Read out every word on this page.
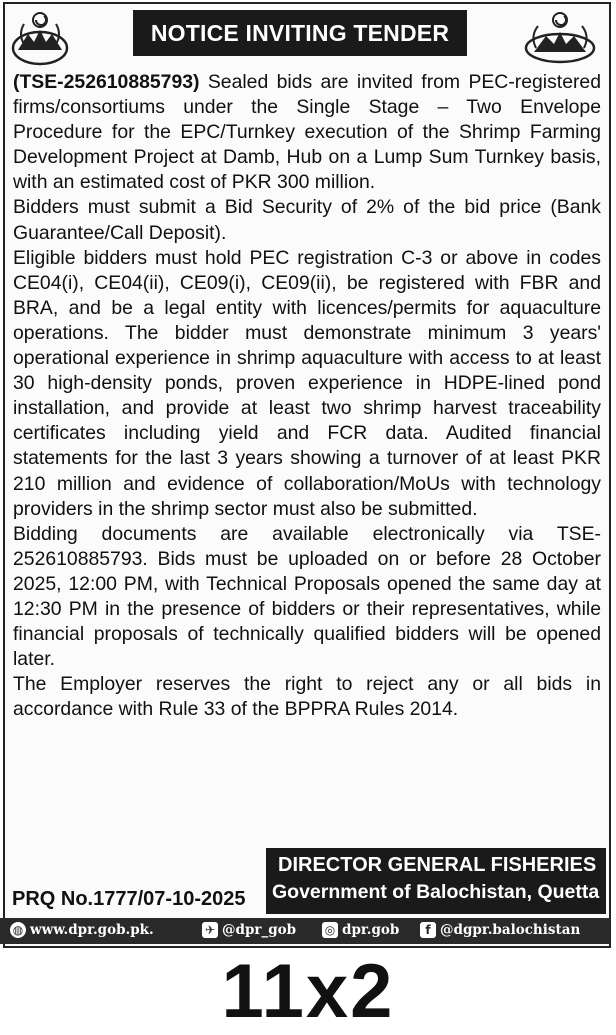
NOTICE INVITING TENDER

(TSE-252610885793) Sealed bids are invited from PEC-registered firms/consortiums under the Single Stage – Two Envelope Procedure for the EPC/Turnkey execution of the Shrimp Farming Development Project at Damb, Hub on a Lump Sum Turnkey basis, with an estimated cost of PKR 300 million.

Bidders must submit a Bid Security of 2% of the bid price (Bank Guarantee/Call Deposit).

Eligible bidders must hold PEC registration C-3 or above in codes CE04(i), CE04(ii), CE09(i), CE09(ii), be registered with FBR and BRA, and be a legal entity with licences/permits for aquaculture operations. The bidder must demonstrate minimum 3 years' operational experience in shrimp aquaculture with access to at least 30 high-density ponds, proven experience in HDPE-lined pond installation, and provide at least two shrimp harvest traceability certificates including yield and FCR data. Audited financial statements for the last 3 years showing a turnover of at least PKR 210 million and evidence of collaboration/MoUs with technology providers in the shrimp sector must also be submitted.

Bidding documents are available electronically via TSE-252610885793. Bids must be uploaded on or before 28 October 2025, 12:00 PM, with Technical Proposals opened the same day at 12:30 PM in the presence of bidders or their representatives, while financial proposals of technically qualified bidders will be opened later.

The Employer reserves the right to reject any or all bids in accordance with Rule 33 of the BPPRA Rules 2014.

PRQ No.1777/07-10-2025
DIRECTOR GENERAL FISHERIES
Government of Balochistan, Quetta
◍ www.dpr.gob.pk.	✈ @dpr_gob ◎ dpr.gob	f @dgpr.balochistan
11x2
